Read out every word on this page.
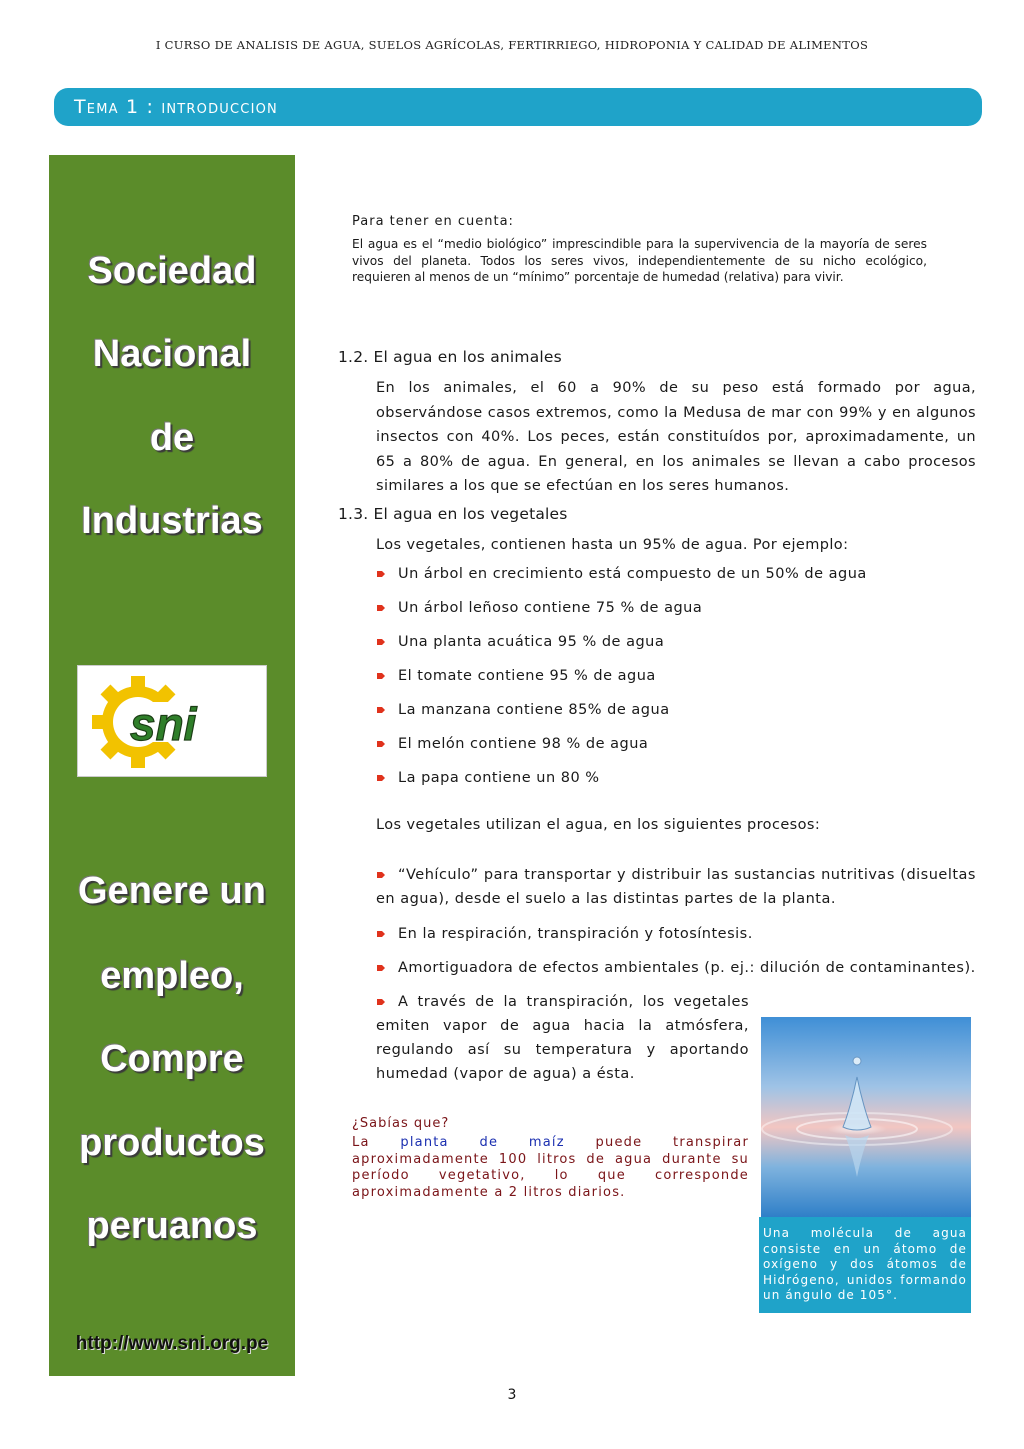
I CURSO DE ANALISIS DE AGUA, SUELOS AGRÍCOLAS, FERTIRRIEGO, HIDROPONIA Y CALIDAD DE ALIMENTOS
Tema 1 : introduccion
Sociedad
Nacional
de
Industrias
sni
Genere un
empleo,
Compre
productos
peruanos
http://www.sni.org.pe
Para tener en cuenta:
El agua es el “medio biológico” imprescindible para la supervivencia de la mayoría de seres vivos del planeta. Todos los seres vivos, independientemente de su nicho ecológico, requieren al menos de un “mínimo” porcentaje de humedad (relativa) para vivir.
1.2. El agua en los animales
En los animales, el 60 a 90% de su peso está formado por agua, observándose casos extremos, como la Medusa de mar con 99% y en algunos insectos con 40%. Los peces, están constituídos por, aproximadamente, un 65 a 80% de agua. En general, en los animales se llevan a cabo procesos similares a los que se efectúan en los seres humanos.
1.3. El agua en los vegetales
Los vegetales, contienen hasta un 95% de agua. Por ejemplo:
Un árbol en crecimiento está compuesto de un 50% de agua
Un árbol leñoso contiene 75 % de agua
Una planta acuática 95 % de agua
El tomate contiene 95 % de agua
La manzana contiene 85% de agua
El melón contiene 98 % de agua
La papa contiene un 80 %
Los vegetales utilizan el agua, en los siguientes procesos:
“Vehículo” para transportar y distribuir las sustancias nutritivas (disueltas en agua), desde el suelo a las distintas partes de la planta.
En la respiración, transpiración y fotosíntesis.
Amortiguadora de efectos ambientales (p. ej.: dilución de contaminantes).
A través de la transpiración, los vegetales emiten vapor de agua hacia la atmósfera, regulando así su temperatura y aportando humedad (vapor de agua) a ésta.
¿Sabías que?
La planta de maíz puede transpirar aproximadamente 100 litros de agua durante su período vegetativo, lo que corresponde aproximadamente a 2 litros diarios.
Una molécula de agua consiste en un átomo de oxígeno y dos átomos de Hidrógeno, unidos formando un ángulo de 105°.
3
